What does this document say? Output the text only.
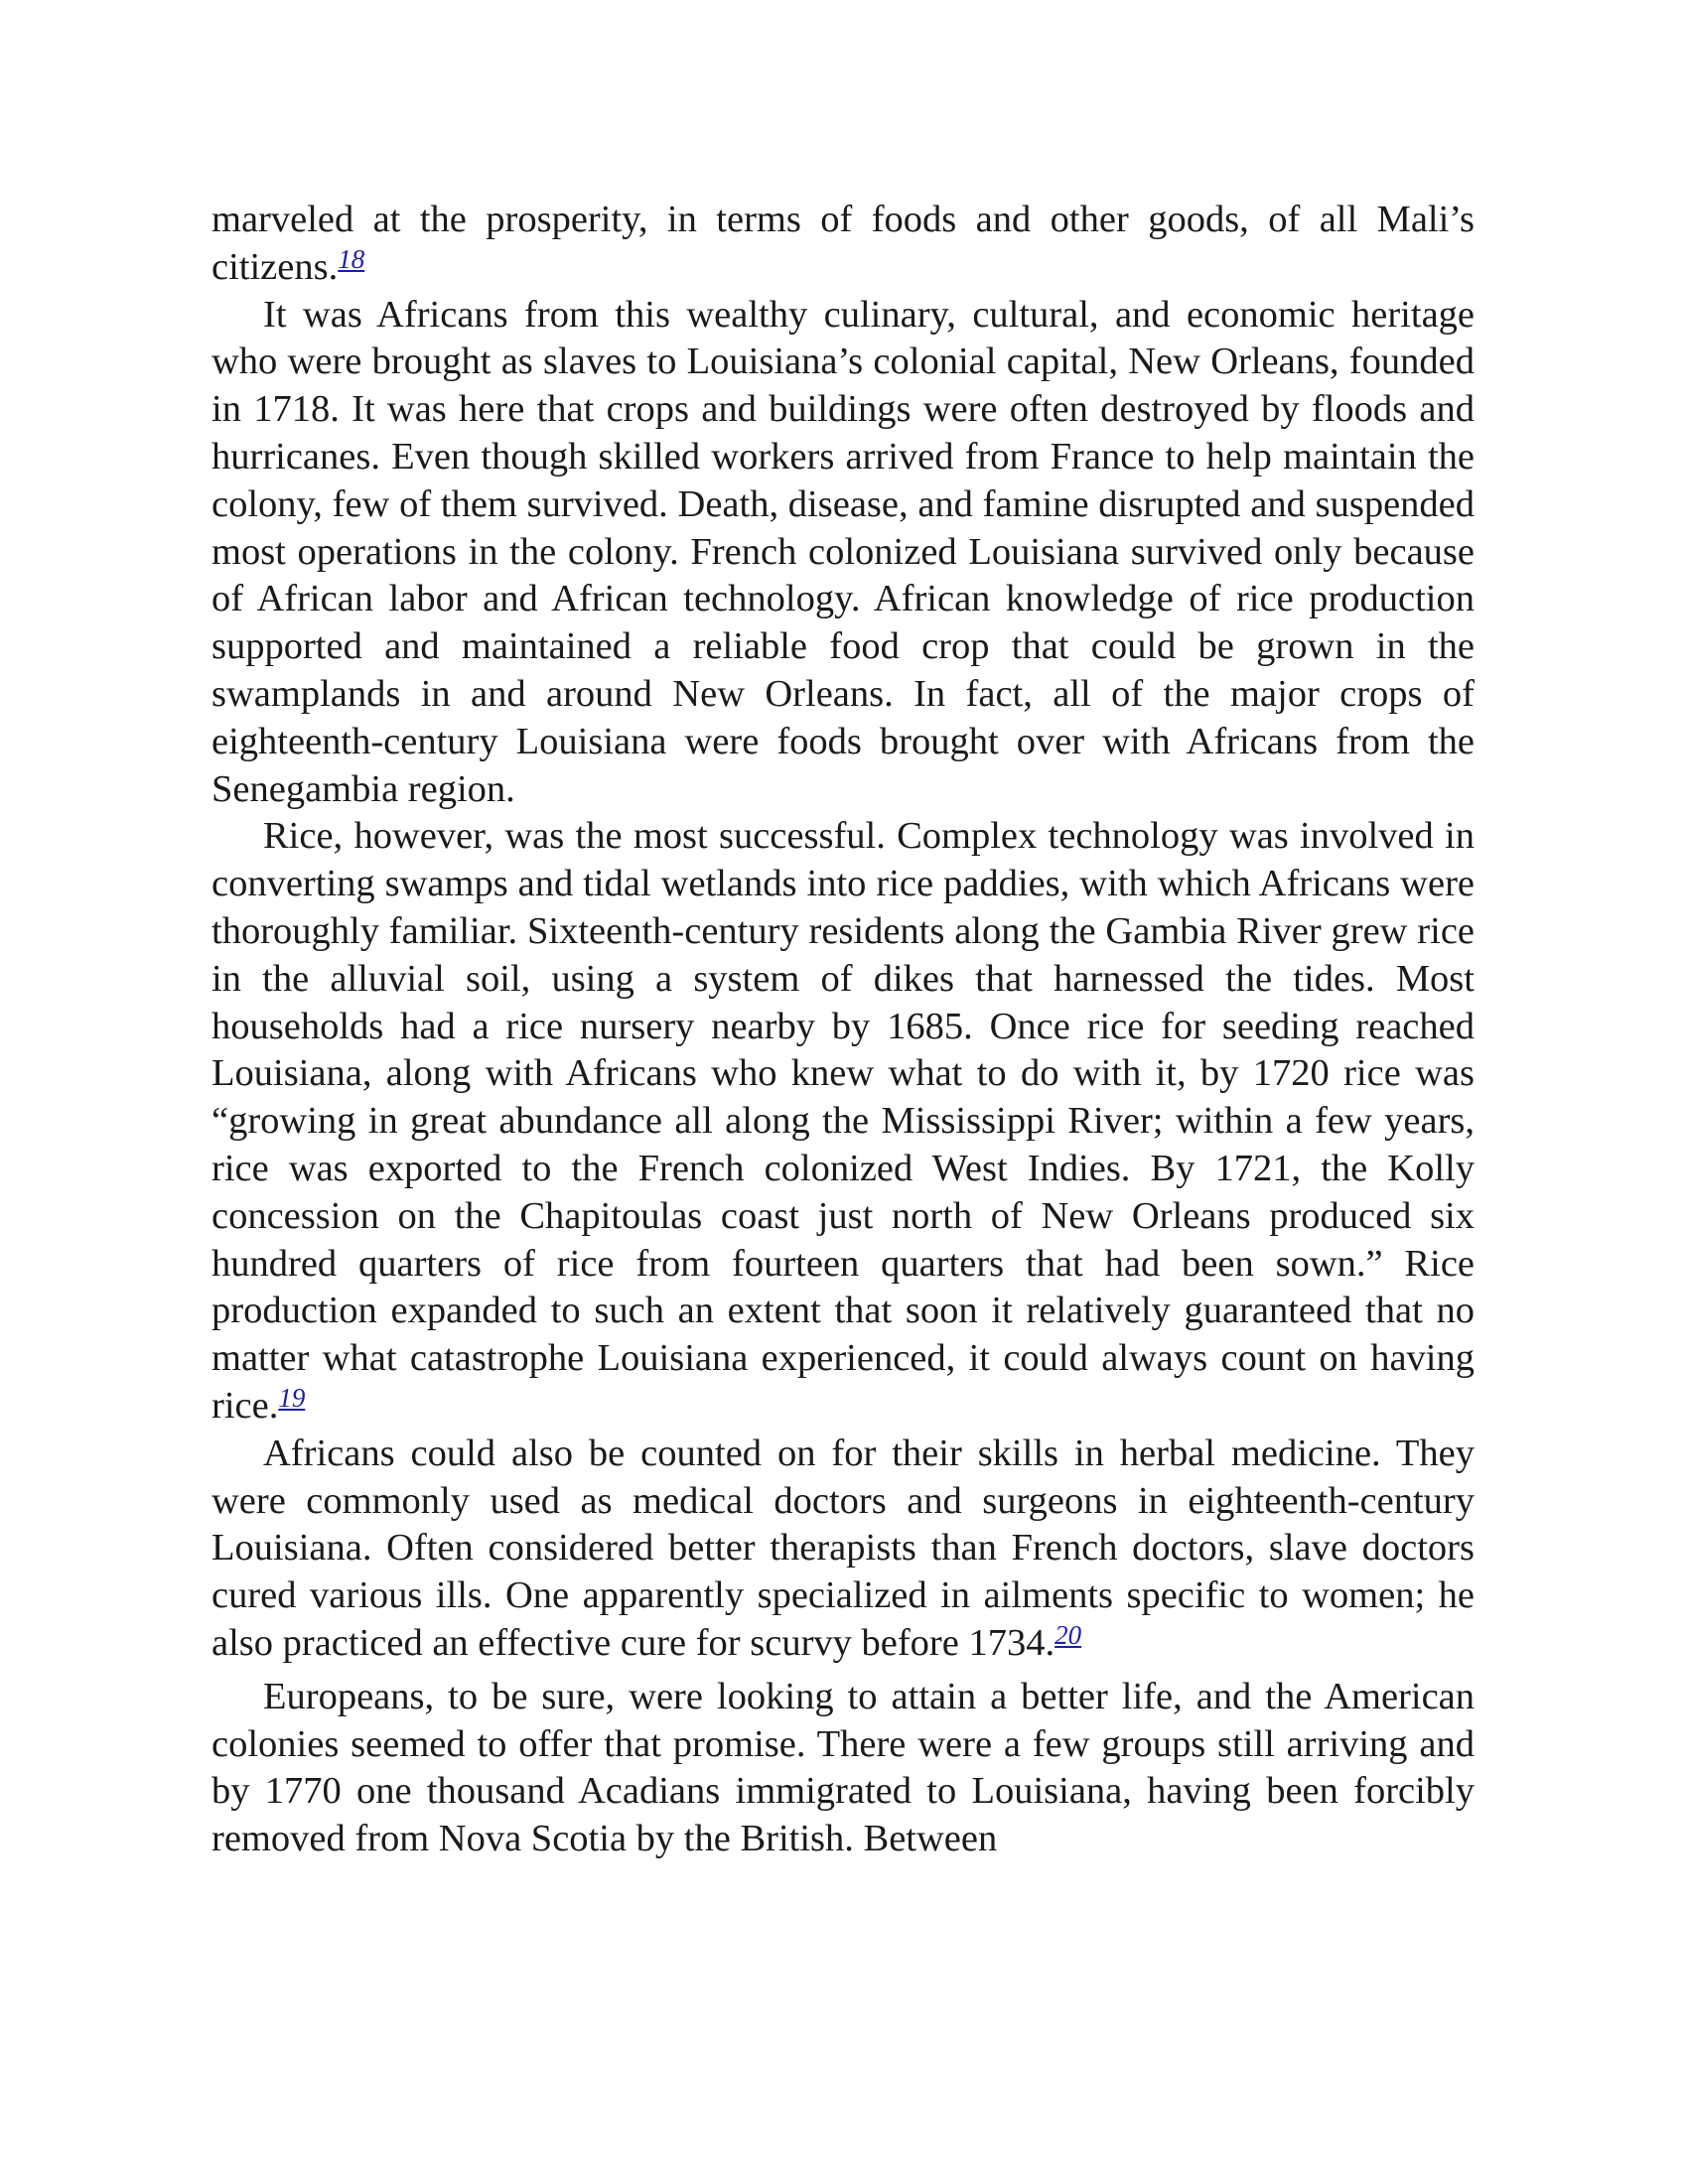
marveled at the prosperity, in terms of foods and other goods, of all Mali’s citizens.$^{18}$

It was Africans from this wealthy culinary, cultural, and economic heritage who were brought as slaves to Louisiana’s colonial capital, New Orleans, founded in 1718. It was here that crops and buildings were often destroyed by floods and hurricanes. Even though skilled workers arrived from France to help maintain the colony, few of them survived. Death, disease, and famine disrupted and suspended most operations in the colony. French colonized Louisiana survived only because of African labor and African technology. African knowledge of rice production supported and maintained a reliable food crop that could be grown in the swamplands in and around New Orleans. In fact, all of the major crops of eighteenth-century Louisiana were foods brought over with Africans from the Senegambia region.

Rice, however, was the most successful. Complex technology was involved in converting swamps and tidal wetlands into rice paddies, with which Africans were thoroughly familiar. Sixteenth-century residents along the Gambia River grew rice in the alluvial soil, using a system of dikes that harnessed the tides. Most households had a rice nursery nearby by 1685. Once rice for seeding reached Louisiana, along with Africans who knew what to do with it, by 1720 rice was “growing in great abundance all along the Mississippi River; within a few years, rice was exported to the French colonized West Indies. By 1721, the Kolly concession on the Chapitoulas coast just north of New Orleans produced six hundred quarters of rice from fourteen quarters that had been sown.” Rice production expanded to such an extent that soon it relatively guaranteed that no matter what catastrophe Louisiana experienced, it could always count on having rice.$^{19}$

Africans could also be counted on for their skills in herbal medicine. They were commonly used as medical doctors and surgeons in eighteenth-century Louisiana. Often considered better therapists than French doctors, slave doctors cured various ills. One apparently specialized in ailments specific to women; he also practiced an effective cure for scurvy before 1734.20

Europeans, to be sure, were looking to attain a better life, and the American colonies seemed to offer that promise. There were a few groups still arriving and by 1770 one thousand Acadians immigrated to Louisiana, having been forcibly removed from Nova Scotia by the British. Between
